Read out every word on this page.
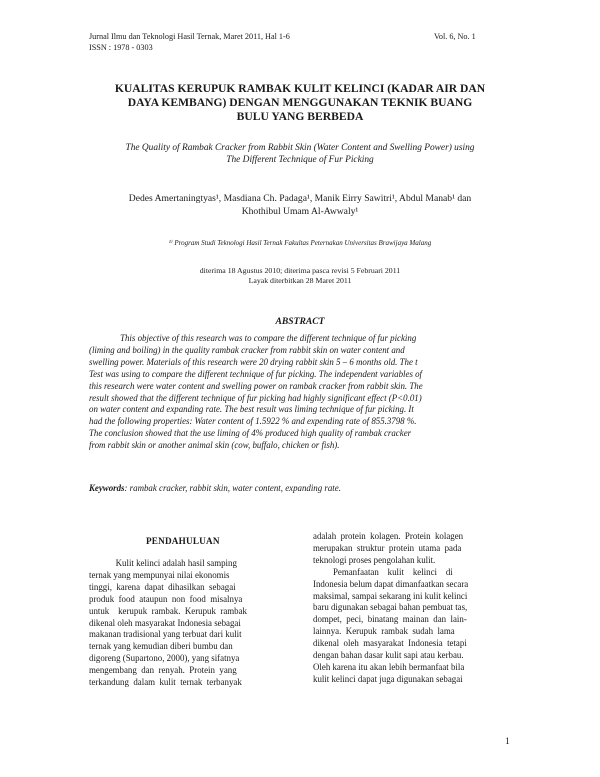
Jurnal Ilmu dan Teknologi Hasil Ternak, Maret 2011, Hal 1-6
ISSN : 1978 - 0303
Vol. 6, No. 1
KUALITAS KERUPUK RAMBAK KULIT KELINCI (KADAR AIR DAN
DAYA KEMBANG) DENGAN MENGGUNAKAN TEKNIK BUANG
BULU YANG BERBEDA
The Quality of Rambak Cracker from Rabbit Skin (Water Content and Swelling Power) using
The Different Technique of Fur Picking
Dedes Amertaningtyas¹, Masdiana Ch. Padaga¹, Manik Eirry Sawitri¹, Abdul Manab¹ dan
Khothibul Umam Al-Awwaly¹
¹⁾ Program Studi Teknologi Hasil Ternak Fakultas Peternakan Universitas Brawijaya Malang
diterima 18 Agustus 2010; diterima pasca revisi 5 Februari 2011
Layak diterbitkan 28 Maret 2011
ABSTRACT
This objective of this research was to compare the different technique of fur picking
(liming and boiling) in the quality rambak cracker from rabbit skin on water content and
swelling power. Materials of this research were 20 drying rabbit skin 5 – 6 months old. The t
Test was using to compare the different technique of fur picking. The independent variables of
this research were water content and swelling power on rambak cracker from rabbit skin. The
result showed that the different technique of fur picking had highly significant effect (P<0.01)
on water content and expanding rate. The best result was liming technique of fur picking. It
had the following properties: Water content of 1.5922 % and expending rate of 855.3798 %.
The conclusion showed that the use liming of 4% produced high quality of rambak cracker
from rabbit skin or another animal skin (cow, buffalo, chicken or fish).
Keywords: rambak cracker, rabbit skin, water content, expanding rate.
PENDAHULUAN
Kulit kelinci adalah hasil samping
ternak yang mempunyai nilai ekonomis
tinggi,  karena  dapat  dihasilkan  sebagai
produk  food  ataupun  non  food  misalnya
untuk    kerupuk  rambak.  Kerupuk  rambak
dikenal oleh masyarakat Indonesia sebagai
makanan tradisional yang terbuat dari kulit
ternak yang kemudian diberi bumbu dan
digoreng (Supartono, 2000), yang sifatnya
mengembang  dan  renyah.  Protein  yang
terkandung  dalam  kulit  ternak  terbanyak
adalah  protein  kolagen.  Protein  kolagen
merupakan  struktur  protein  utama  pada
teknologi proses pengolahan kulit.
Pemanfaatan    kulit    kelinci    di
Indonesia belum dapat dimanfaatkan secara
maksimal, sampai sekarang ini kulit kelinci
baru digunakan sebagai bahan pembuat tas,
dompet,  peci,  binatang  mainan  dan  lain-
lainnya.  Kerupuk  rambak  sudah  lama
dikenal  oleh  masyarakat  Indonesia  tetapi
dengan bahan dasar kulit sapi atau kerbau.
Oleh karena itu akan lebih bermanfaat bila
kulit kelinci dapat juga digunakan sebagai
1
